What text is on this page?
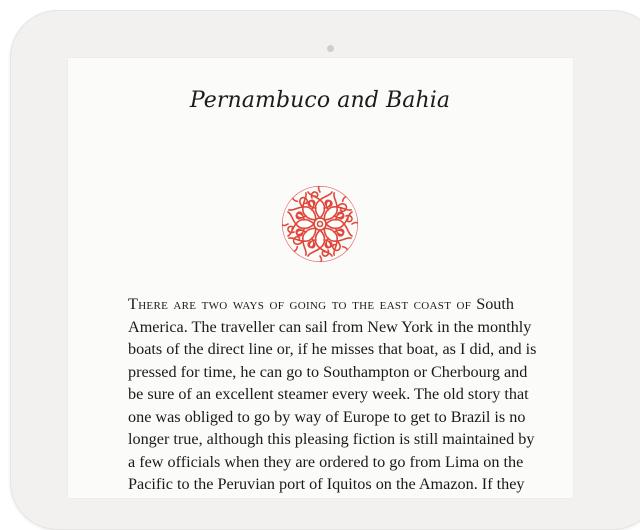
Pernambuco and Bahia
There are two ways of going to the east coast of South
America. The traveller can sail from New York in the monthly
boats of the direct line or, if he misses that boat, as I did, and is
pressed for time, he can go to Southampton or Cherbourg and
be sure of an excellent steamer every week. The old story that
one was obliged to go by way of Europe to get to Brazil is no
longer true, although this pleasing fiction is still maintained by
a few officials when they are ordered to go from Lima on the
Pacific to the Peruvian port of Iquitos on the Amazon. If they
